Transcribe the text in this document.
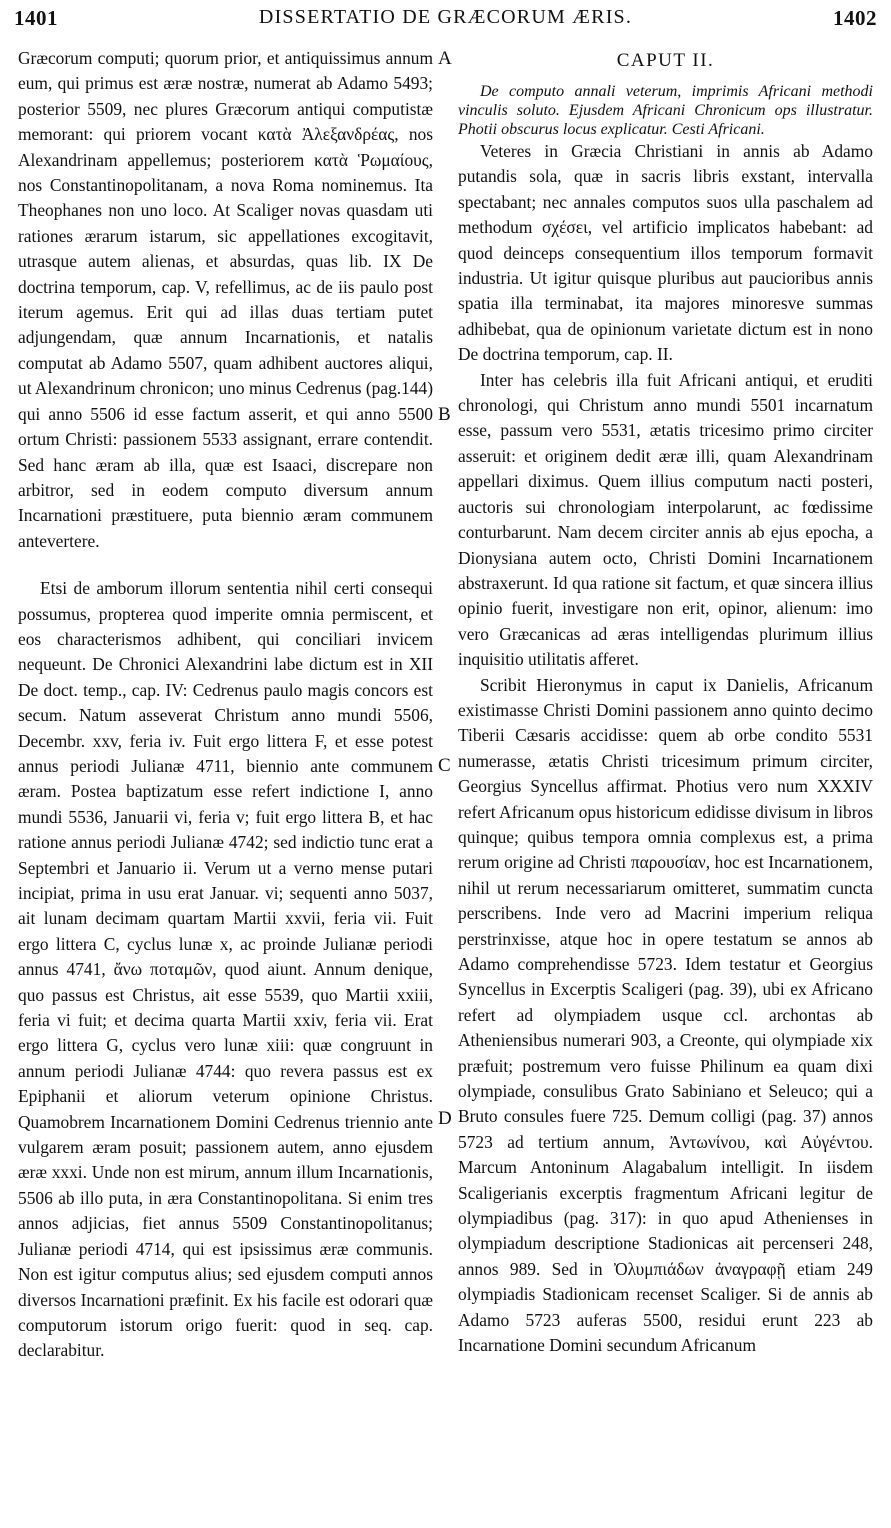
1401	DISSERTATIO DE GRÆCORUM ÆRIS.	1402

Græcorum computi; quorum prior, et antiquissimus annum eum, qui primus est æræ nostræ, numerat ab Adamo 5493; posterior 5509, nec plures Græcorum antiqui computistæ memorant: qui priorem vocant κατὰ Ἀλεξανδρέας, nos Alexandrinam appellemus; posteriorem κατὰ Ῥωμαίους, nos Constantinopolitanam, a nova Roma nominemus. Ita Theophanes non uno loco. At Scaliger novas quasdam uti rationes ærarum istarum, sic appellationes excogitavit, utrasque autem alienas, et absurdas, quas lib. IX De doctrina temporum, cap. V, refellimus, ac de iis paulo post iterum agemus. Erit qui ad illas duas tertiam putet adjungendam, quæ annum Incarnationis, et natalis computat ab Adamo 5507, quam adhibent auctores aliqui, ut Alexandrinum chronicon; uno minus Cedrenus (pag.144) qui anno 5506 id esse factum asserit, et qui anno 5500 ortum Christi: passionem 5533 assignant, errare contendit. Sed hanc æram ab illa, quæ est Isaaci, discrepare non arbitror, sed in eodem computo diversum annum Incarnationi præstituere, puta biennio æram communem antevertere.

Etsi de amborum illorum sententia nihil certi consequi possumus, propterea quod imperite omnia permiscent, et eos characterismos adhibent, qui conciliari invicem nequeunt. De Chronici Alexandrini labe dictum est in XII De doct. temp., cap. IV: Cedrenus paulo magis concors est secum. Natum asseverat Christum anno mundi 5506, Decembr. xxv, feria iv. Fuit ergo littera F, et esse potest annus periodi Julianæ 4711, biennio ante communem æram. Postea baptizatum esse refert indictione I, anno mundi 5536, Januarii vi, feria v; fuit ergo littera B, et hac ratione annus periodi Julianæ 4742; sed indictio tunc erat a Septembri et Januario ii. Verum ut a verno mense putari incipiat, prima in usu erat Januar. vi; sequenti anno 5037, ait lunam decimam quartam Martii xxvii, feria vii. Fuit ergo littera C, cyclus lunæ x, ac proinde Julianæ periodi annus 4741, ἄνω ποταμῶν, quod aiunt. Annum denique, quo passus est Christus, ait esse 5539, quo Martii xxiii, feria vi fuit; et decima quarta Martii xxiv, feria vii. Erat ergo littera G, cyclus vero lunæ xiii: quæ congruunt in annum periodi Julianæ 4744: quo revera passus est ex Epiphanii et aliorum veterum opinione Christus. Quamobrem Incarnationem Domini Cedrenus triennio ante vulgarem æram posuit; passionem autem, anno ejusdem æræ xxxi. Unde non est mirum, annum illum Incarnationis, 5506 ab illo puta, in æra Constantinopolitana. Si enim tres annos adjicias, fiet annus 5509 Constantinopolitanus; Julianæ periodi 4714, qui est ipsissimus æræ communis. Non est igitur computus alius; sed ejusdem computi annos diversos Incarnationi præfinit. Ex his facile est odorari quæ computorum istorum origo fuerit: quod in seq. cap. declarabitur.

A
B
C
D
CAPUT II.

De computo annali veterum, imprimis Africani methodi vinculis soluto. Ejusdem Africani Chronicum ops illustratur. Photii obscurus locus explicatur. Cesti Africani.

Veteres in Græcia Christiani in annis ab Adamo putandis sola, quæ in sacris libris exstant, intervalla spectabant; nec annales computos suos ulla paschalem ad methodum σχέσει, vel artificio implicatos habebant: ad quod deinceps consequentium illos temporum formavit industria. Ut igitur quisque pluribus aut paucioribus annis spatia illa terminabat, ita majores minoresve summas adhibebat, qua de opinionum varietate dictum est in nono De doctrina temporum, cap. II.

Inter has celebris illa fuit Africani antiqui, et eruditi chronologi, qui Christum anno mundi 5501 incarnatum esse, passum vero 5531, ætatis tricesimo primo circiter asseruit: et originem dedit æræ illi, quam Alexandrinam appellari diximus. Quem illius computum nacti posteri, auctoris sui chronologiam interpolarunt, ac fœdissime conturbarunt. Nam decem circiter annis ab ejus epocha, a Dionysiana autem octo, Christi Domini Incarnationem abstraxerunt. Id qua ratione sit factum, et quæ sincera illius opinio fuerit, investigare non erit, opinor, alienum: imo vero Græcanicas ad æras intelligendas plurimum illius inquisitio utilitatis afferet.

Scribit Hieronymus in caput ix Danielis, Africanum existimasse Christi Domini passionem anno quinto decimo Tiberii Cæsaris accidisse: quem ab orbe condito 5531 numerasse, ætatis Christi tricesimum primum circiter, Georgius Syncellus affirmat. Photius vero num XXXIV refert Africanum opus historicum edidisse divisum in libros quinque; quibus tempora omnia complexus est, a prima rerum origine ad Christi παρουσίαν, hoc est Incarnationem, nihil ut rerum necessariarum omitteret, summatim cuncta perscribens. Inde vero ad Macrini imperium reliqua perstrinxisse, atque hoc in opere testatum se annos ab Adamo comprehendisse 5723. Idem testatur et Georgius Syncellus in Excerptis Scaligeri (pag. 39), ubi ex Africano refert ad olympiadem usque ccl. archontas ab Atheniensibus numerari 903, a Creonte, qui olympiade xix præfuit; postremum vero fuisse Philinum ea quam dixi olympiade, consulibus Grato Sabiniano et Seleuco; qui a Bruto consules fuere 725. Demum colligi (pag. 37) annos 5723 ad tertium annum, Ἀντωνίνου, καὶ Αὐγέντου. Marcum Antoninum Alagabalum intelligit. In iisdem Scaligerianis excerptis fragmentum Africani legitur de olympiadibus (pag. 317): in quo apud Athenienses in olympiadum descriptione Stadionicas ait percenseri 248, annos 989. Sed in Ὀλυμπιάδων ἀναγραφῇ etiam 249 olympiadis Stadionicam recenset Scaliger. Si de annis ab Adamo 5723 auferas 5500, residui erunt 223 ab Incarnatione Domini secundum Africanum
